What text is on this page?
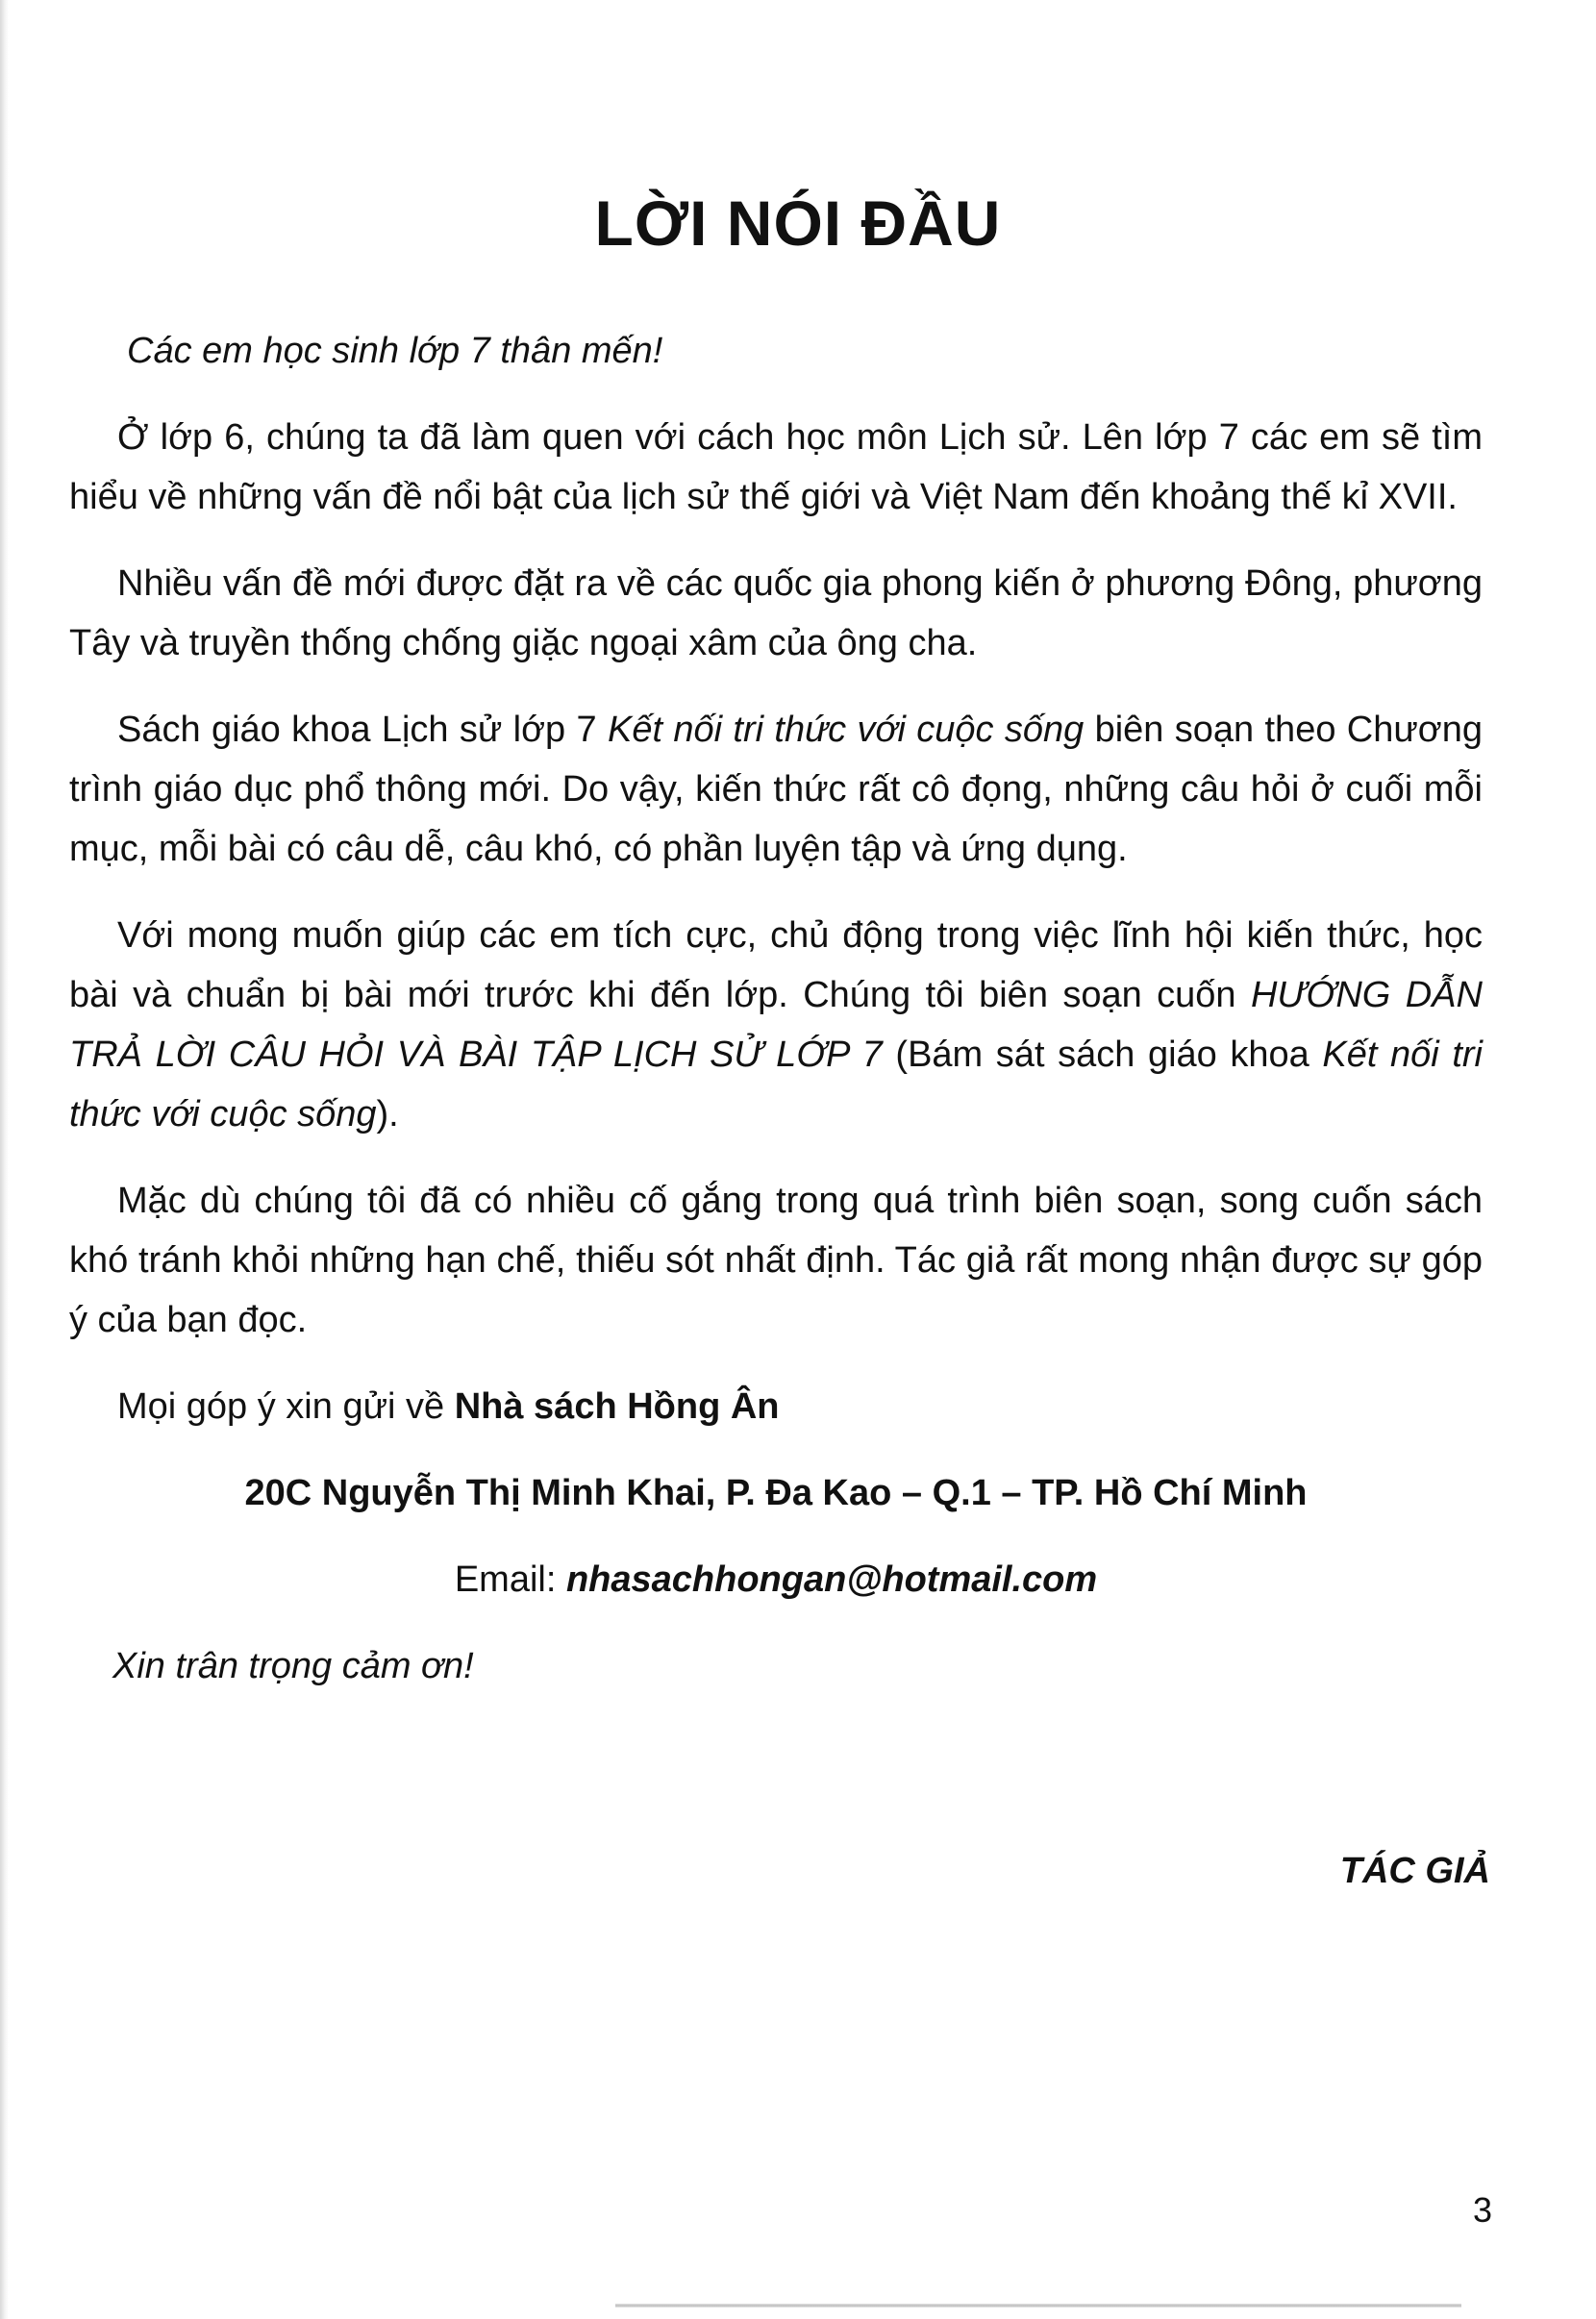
LỜI NÓI ĐẦU

Các em học sinh lớp 7 thân mến!

Ở lớp 6, chúng ta đã làm quen với cách học môn Lịch sử. Lên lớp 7 các em sẽ tìm hiểu về những vấn đề nổi bật của lịch sử thế giới và Việt Nam đến khoảng thế kỉ XVII.

Nhiều vấn đề mới được đặt ra về các quốc gia phong kiến ở phương Đông, phương Tây và truyền thống chống giặc ngoại xâm của ông cha.

Sách giáo khoa Lịch sử lớp 7 Kết nối tri thức với cuộc sống biên soạn theo Chương trình giáo dục phổ thông mới. Do vậy, kiến thức rất cô đọng, những câu hỏi ở cuối mỗi mục, mỗi bài có câu dễ, câu khó, có phần luyện tập và ứng dụng.

Với mong muốn giúp các em tích cực, chủ động trong việc lĩnh hội kiến thức, học bài và chuẩn bị bài mới trước khi đến lớp. Chúng tôi biên soạn cuốn HƯỚNG DẪN TRẢ LỜI CÂU HỎI VÀ BÀI TẬP LỊCH SỬ LỚP 7 (Bám sát sách giáo khoa Kết nối tri thức với cuộc sống).

Mặc dù chúng tôi đã có nhiều cố gắng trong quá trình biên soạn, song cuốn sách khó tránh khỏi những hạn chế, thiếu sót nhất định. Tác giả rất mong nhận được sự góp ý của bạn đọc.

Mọi góp ý xin gửi về Nhà sách Hồng Ân

20C Nguyễn Thị Minh Khai, P. Đa Kao – Q.1 – TP. Hồ Chí Minh

Email: nhasachhongan@hotmail.com

Xin trân trọng cảm ơn!

TÁC GIẢ
3
